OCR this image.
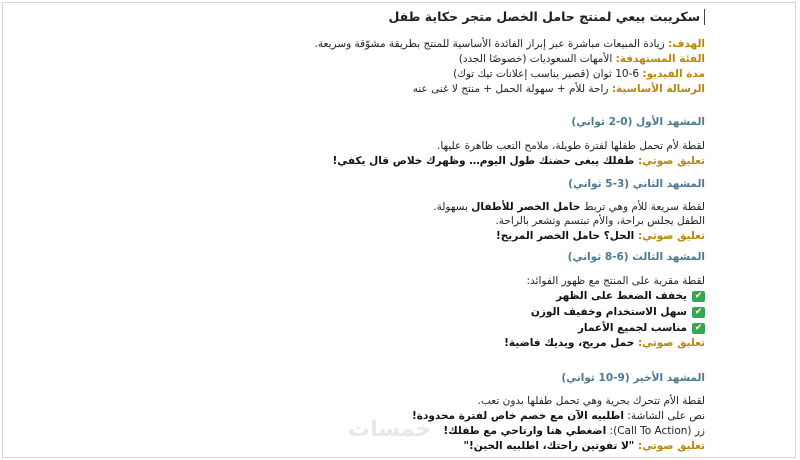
سكريبت بيعي لمنتج حامل الخصل متجر حكاية طفل
الهدف: زيادة المبيعات مباشرة عبر إبراز الفائدة الأساسية للمنتج بطريقة مشوّقة وسريعة.
الفئة المستهدفة: الأمهات السعوديات (خصوصًا الجدد)
مدة الفيديو: 6-10 ثوان (قصير يناسب إعلانات تيك توك)
الرسالة الأساسية: راحة للأم + سهولة الحمل + منتج لا غنى عنه
المشهد الأول (0-2 ثواني)
لقطة لأم تحمل طفلها لفترة طويلة، ملامح التعب ظاهرة عليها.
تعليق صوتي: طفلك يبغى حضنك طول اليوم… وظهرك خلاص قال يكفي!
المشهد الثاني (3-5 ثواني)
لقطة سريعة للأم وهي تربط حامل الخصر للأطفال بسهولة.
الطفل يجلس براحة، والأم تبتسم وتشعر بالراحة.
تعليق صوتي: الحل؟ حامل الخصر المريح!
المشهد الثالث (6-8 ثواني)
لقطة مقربة على المنتج مع ظهور الفوائد:
✔يخفف الضغط على الظهر
✔سهل الاستخدام وخفيف الوزن
✔مناسب لجميع الأعمار
تعليق صوتي: حمل مريح، ويديك فاضية!
المشهد الأخير (9-10 ثواني)
لقطة الأم تتحرك بحرية وهي تحمل طفلها بدون تعب.
نص على الشاشة: اطلبيه الآن مع خصم خاص لفترة محدودة!
زر (Call To Action): اضغطي هنا وارتاحي مع طفلك!
تعليق صوتي: "لا تفوتين راحتك، اطلبيه الحين!"
خمسات
